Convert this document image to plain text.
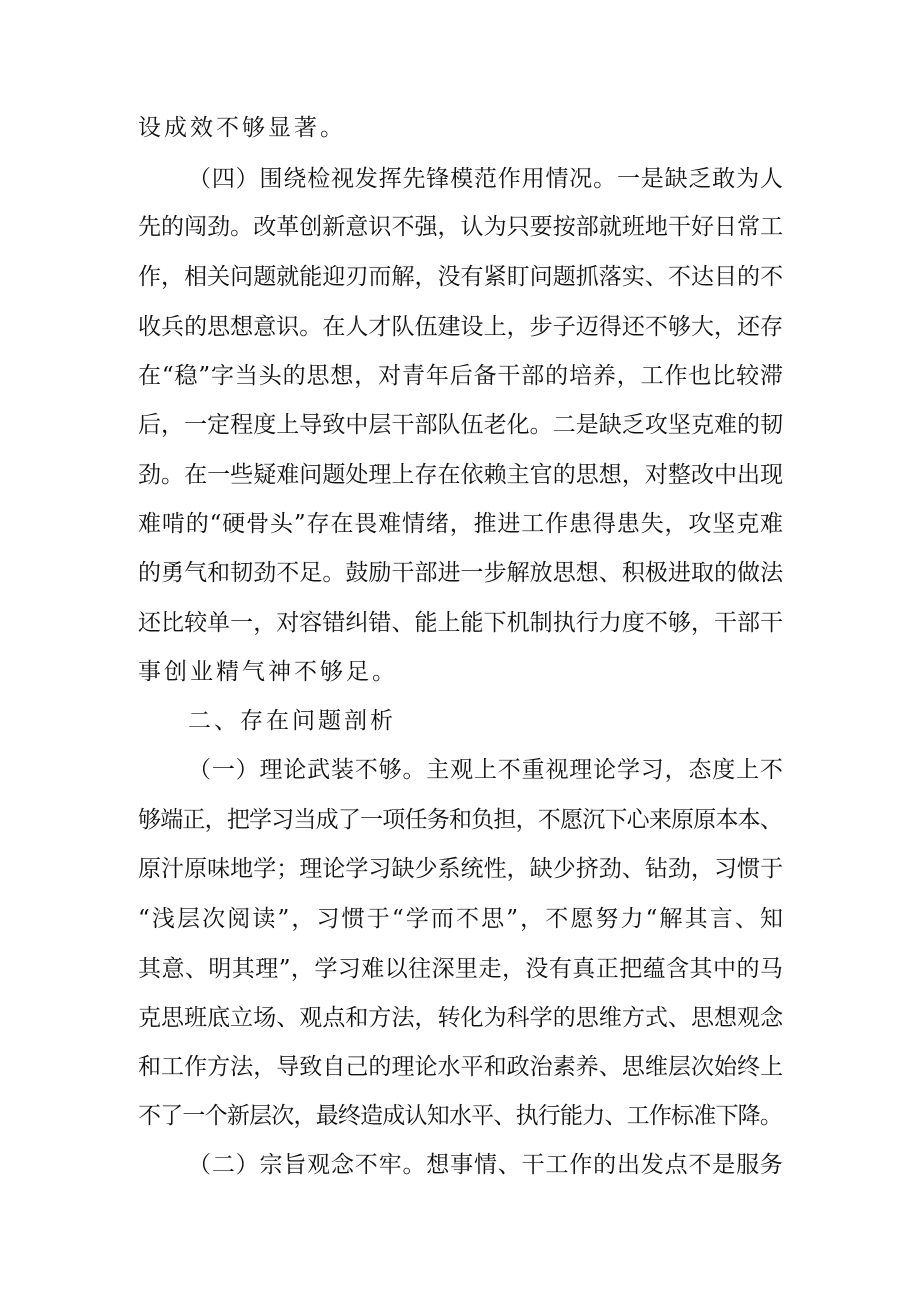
设成效不够显著。
（四）围绕检视发挥先锋模范作用情况。一是缺乏敢为人
先的闯劲。改革创新意识不强，认为只要按部就班地干好日常工
作，相关问题就能迎刃而解，没有紧盯问题抓落实、不达目的不
收兵的思想意识。在人才队伍建设上，步子迈得还不够大，还存
在“稳”字当头的思想，对青年后备干部的培养，工作也比较滞
后，一定程度上导致中层干部队伍老化。二是缺乏攻坚克难的韧
劲。在一些疑难问题处理上存在依赖主官的思想，对整改中出现
难啃的“硬骨头”存在畏难情绪，推进工作患得患失，攻坚克难
的勇气和韧劲不足。鼓励干部进一步解放思想、积极进取的做法
还比较单一，对容错纠错、能上能下机制执行力度不够，干部干
事创业精气神不够足。
二、存在问题剖析
（一）理论武装不够。主观上不重视理论学习，态度上不
够端正，把学习当成了一项任务和负担，不愿沉下心来原原本本、
原汁原味地学；理论学习缺少系统性，缺少挤劲、钻劲，习惯于
“浅层次阅读”，习惯于“学而不思”，不愿努力“解其言、知
其意、明其理”，学习难以往深里走，没有真正把蕴含其中的马
克思班底立场、观点和方法，转化为科学的思维方式、思想观念
和工作方法，导致自己的理论水平和政治素养、思维层次始终上
不了一个新层次，最终造成认知水平、执行能力、工作标准下降。
（二）宗旨观念不牢。想事情、干工作的出发点不是服务
